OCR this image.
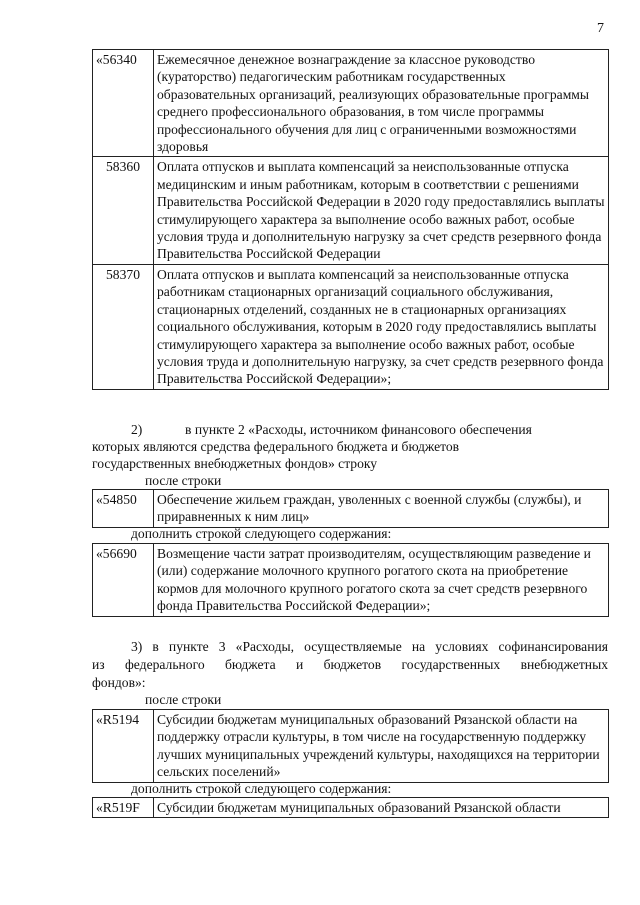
7
«56340	Ежемесячное денежное вознаграждение за классное руководство (кураторство) педагогическим работникам государственных образовательных организаций, реализующих образовательные программы среднего профессионального образования, в том числе программы профессионального обучения для лиц с ограниченными возможностями здоровья
58360	Оплата отпусков и выплата компенсаций за неиспользованные отпуска медицинским и иным работникам, которым в соответствии с решениями Правительства Российской Федерации в 2020 году предоставлялись выплаты стимулирующего характера за выполнение особо важных работ, особые условия труда и дополнительную нагрузку за счет средств резервного фонда Правительства Российской Федерации
58370	Оплата отпусков и выплата компенсаций за неиспользованные отпуска работникам стационарных организаций социального обслуживания, стационарных отделений, созданных не в стационарных организациях социального обслуживания, которым в 2020 году предоставлялись выплаты стимулирующего характера за выполнение особо важных работ, особые условия труда и дополнительную нагрузку, за счет средств резервного фонда Правительства Российской Федерации»;

2)	в пункте 2 «Расходы, источником финансового обеспечения

которых являются средства федерального бюджета и бюджетов

государственных внебюджетных фондов» строку

после строки

«54850	Обеспечение жильем граждан, уволенных с военной службы (службы), и приравненных к ним лиц»

дополнить строкой следующего содержания:

«56690	Возмещение части затрат производителям, осуществляющим разведение и (или) содержание молочного крупного рогатого скота на приобретение кормов для молочного крупного рогатого скота за счет средств резервного фонда Правительства Российской Федерации»;

3) в пункте 3 «Расходы, осуществляемые на условиях софинансирования

из федерального бюджета и бюджетов государственных внебюджетных

фондов»:

после строки

«R5194	Субсидии бюджетам муниципальных образований Рязанской области на поддержку отрасли культуры, в том числе на государственную поддержку лучших муниципальных учреждений культуры, находящихся на территории сельских поселений»

дополнить строкой следующего содержания:

«R519F	Субсидии бюджетам муниципальных образований Рязанской области
